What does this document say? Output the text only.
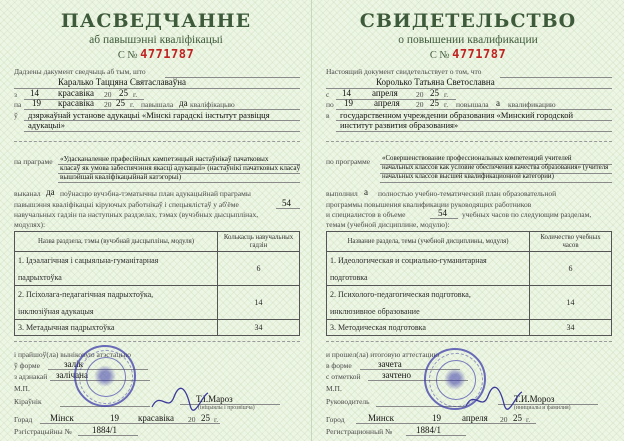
ПАСВЕДЧАННЕ
аб павышэнні кваліфікацыі
С № 4771787
Дадзены дакумент сведчыць аб тым, што
Каралько Таццяна Святаславаўна
з 14 красавіка 20 25 г.
па 19 красавіка 20 25 г. павышала да кваліфікацыю
ў дзяржаўнай установе адукацыі «Мінскі гарадскі інстытут развіцця
адукацыі»
па праграме «Удасканаленне прафесійных кампетэнцый настаўнікаў пачатковых
класаў як умова забеспячэння якасці адукацыі» (настаўнікі пачатковых класаў
вышэйшай кваліфікацыйнай катэгорыі)
выканал да поўнасцю вучэбна-тэматычны план адукацыйнай праграмы
павышэння кваліфікацыі кіруючых работнікаў і спецыялістаў у аб'ёме	54
навучальных гадзін па наступных раздзелах, тэмах (вучэбных дысцыплінах,
модулях):
Назва раздзела, тэмы (вучэбнай дысцыпліны, модуля)	Колькасць навучальных гадзін

1. Ідэалагічная і сацыяльна-гуманітарная
падрыхтоўка	6

2. Псіхолага-педагагічная падрыхтоўка,
інклюзіўная адукацыя	14
3. Метадычная падрыхтоўка	34
і прайшоў(ла) выніковую атэстацыю
ў форме	залік
з адзнакай залічана
М.П.
Кіраўнік	Т.І.Мароз
(ініцыялы і прозвішча)
Горад Мінск	19 красавіка 20 25 г.
Рэгістрацыйны № 1884/1
СВИДЕТЕЛЬСТВО
о повышении квалификации
С № 4771787
Настоящий документ свидетельствует о том, что
Королько Татьяна Светославна
с 14 апреля 20 25 г.
по 19 апреля 20 25 г. повышала а квалификацию
в государственном учреждении образования «Минский городской
институт развития образования»
по программе «Совершенствование профессиональных компетенций учителей
начальных классов как условие обеспечения качества образования» (учителя
начальных классов высшей квалификационной категории)
выполнил а полностью учебно-тематический план образовательной
программы повышения квалификации руководящих работников
и специалистов в объеме	54 учебных часов по следующим разделам,
темам (учебной дисциплине, модулю):
Название раздела, темы (учебной дисциплины, модуля)	Количество учебных часов

1. Идеологическая и социально-гуманитарная
подготовка	6

2. Психолого-педагогическая подготовка,
инклюзивное образование	14
3. Методическая подготовка	34
и прошел(ла) итоговую аттестацию
в форме	зачета
с отметкой зачтено
М.П.
Руководитель	Т.И.Мороз
(инициалы и фамилия)
Город	Минск	19 апреля 20 25 г.
Регистрационный №	1884/1
